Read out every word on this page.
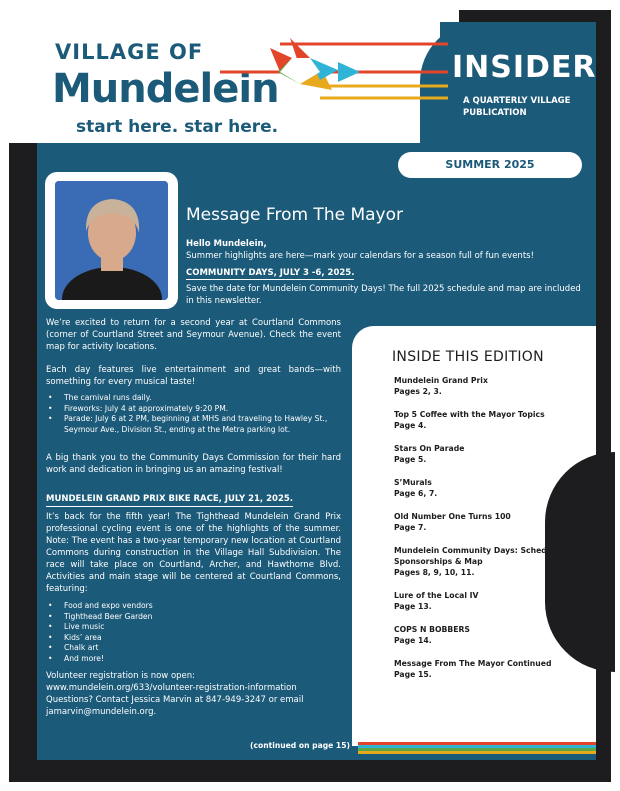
VILLAGE OF
Mundelein
start here. star here.
INSIDER
A QUARTERLY VILLAGE PUBLICATION
SUMMER 2025
Message From The Mayor
Hello Mundelein,
Summer highlights are here—mark your calendars for a season full of fun events!
COMMUNITY DAYS, JULY 3 -6, 2025.
Save the date for Mundelein Community Days! The full 2025 schedule and map are included in this newsletter.
We’re excited to return for a second year at Courtland Commons (corner of Courtland Street and Seymour Avenue). Check the event map for activity locations.
Each day features live entertainment and great bands—with something for every musical taste!
• The carnival runs daily.
• Fireworks: July 4 at approximately 9:20 PM.
• Parade: July 6 at 2 PM, beginning at MHS and traveling to Hawley St., Seymour Ave., Division St., ending at the Metra parking lot.
A big thank you to the Community Days Commission for their hard work and dedication in bringing us an amazing festival!
MUNDELEIN GRAND PRIX BIKE RACE, JULY 21, 2025.
It’s back for the fifth year! The Tighthead Mundelein Grand Prix professional cycling event is one of the highlights of the summer. Note: The event has a two-year temporary new location at Courtland Commons during construction in the Village Hall Subdivision. The race will take place on Courtland, Archer, and Hawthorne Blvd. Activities and main stage will be centered at Courtland Commons, featuring:
• Food and expo vendors
• Tighthead Beer Garden
• Live music
• Kids’ area
• Chalk art
• And more!
Volunteer registration is now open:
www.mundelein.org/633/volunteer-registration-information
Questions? Contact Jessica Marvin at 847-949-3247 or email
jamarvin@mundelein.org.
(continued on page 15)
INSIDE THIS EDITION
Mundelein Grand Prix
Pages 2, 3.
Top 5 Coffee with the Mayor Topics
Page 4.
Stars On Parade
Page 5.
S’Murals
Page 6, 7.
Old Number One Turns 100
Page 7.
Mundelein Community Days: Schedule, Sponsorships & Map
Pages 8, 9, 10, 11.
Lure of the Local IV
Page 13.
COPS N BOBBERS
Page 14.
Message From The Mayor Continued
Page 15.
